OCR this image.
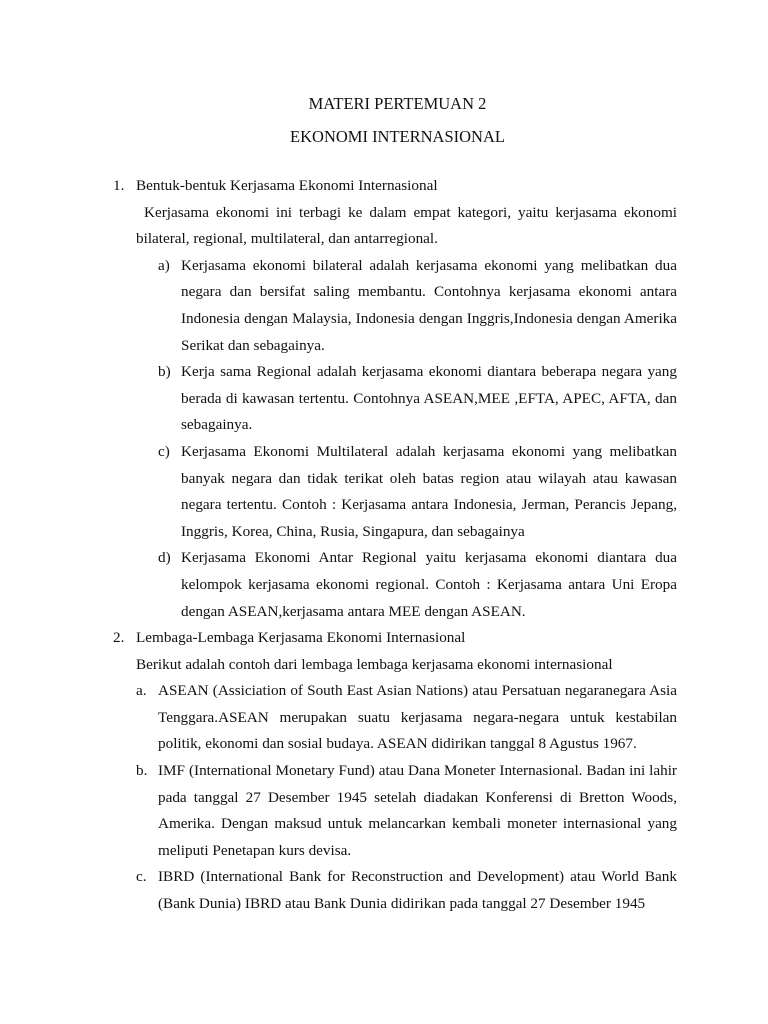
MATERI PERTEMUAN 2
EKONOMI INTERNASIONAL
1. Bentuk-bentuk Kerjasama Ekonomi Internasional
Kerjasama ekonomi ini terbagi ke dalam empat kategori, yaitu kerjasama ekonomi bilateral, regional, multilateral, dan antarregional.
a) Kerjasama ekonomi bilateral adalah kerjasama ekonomi yang melibatkan dua negara dan bersifat saling membantu. Contohnya kerjasama ekonomi antara Indonesia dengan Malaysia, Indonesia dengan Inggris,Indonesia dengan Amerika Serikat dan sebagainya.
b) Kerja sama Regional adalah kerjasama ekonomi diantara beberapa negara yang berada di kawasan tertentu. Contohnya ASEAN,MEE ,EFTA, APEC, AFTA, dan sebagainya.
c) Kerjasama Ekonomi Multilateral adalah kerjasama ekonomi yang melibatkan banyak negara dan tidak terikat oleh batas region atau wilayah atau kawasan negara tertentu. Contoh : Kerjasama antara Indonesia, Jerman, Perancis Jepang, Inggris, Korea, China, Rusia, Singapura, dan sebagainya
d) Kerjasama Ekonomi Antar Regional yaitu kerjasama ekonomi diantara dua kelompok kerjasama ekonomi regional. Contoh : Kerjasama antara Uni Eropa dengan ASEAN,kerjasama antara MEE dengan ASEAN.
2. Lembaga-Lembaga Kerjasama Ekonomi Internasional
Berikut adalah contoh dari lembaga lembaga kerjasama ekonomi internasional
a. ASEAN (Assiciation of South East Asian Nations) atau Persatuan negaranegara Asia Tenggara.ASEAN merupakan suatu kerjasama negara-negara untuk kestabilan politik, ekonomi dan sosial budaya. ASEAN didirikan tanggal 8 Agustus 1967.
b. IMF (International Monetary Fund) atau Dana Moneter Internasional. Badan ini lahir pada tanggal 27 Desember 1945 setelah diadakan Konferensi di Bretton Woods, Amerika. Dengan maksud untuk melancarkan kembali moneter internasional yang meliputi Penetapan kurs devisa.
c. IBRD (International Bank for Reconstruction and Development) atau World Bank (Bank Dunia) IBRD atau Bank Dunia didirikan pada tanggal 27 Desember 1945
